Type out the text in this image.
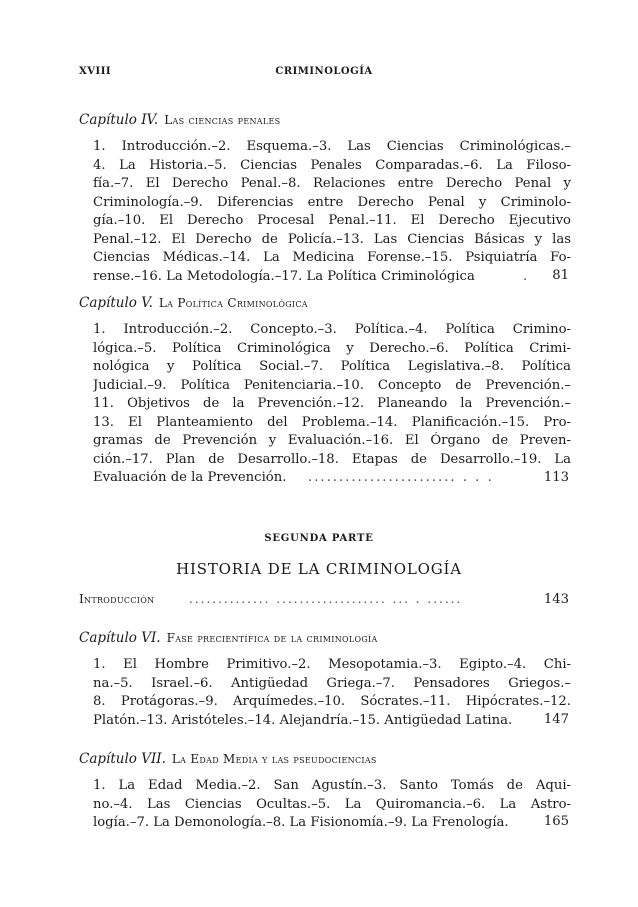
XVIII	CRIMINOLOGÍA
Capítulo IV. Las ciencias penales
1. Introducción.–2. Esquema.–3. Las Ciencias Criminológicas.–
4. La Historia.–5. Ciencias Penales Comparadas.–6. La Filoso-
fía.–7. El Derecho Penal.–8. Relaciones entre Derecho Penal y
Criminología.–9. Diferencias entre Derecho Penal y Criminolo-
gía.–10. El Derecho Procesal Penal.–11. El Derecho Ejecutivo
Penal.–12. El Derecho de Policía.–13. Las Ciencias Básicas y las
Ciencias Médicas.–14. La Medicina Forense.–15. Psiquiatría Fo-
rense.–16. La Metodología.–17. La Política Criminológica	. 81
Capítulo V. La Política Criminológica
1. Introducción.–2. Concepto.–3. Política.–4. Política Crimino-
lógica.–5. Política Criminológica y Derecho.–6. Política Crimi-
nológica y Política Social.–7. Política Legislativa.–8. Política
Judicial.–9. Política Penitenciaria.–10. Concepto de Prevención.–
11. Objetivos de la Prevención.–12. Planeando la Prevención.–
13. El Planteamiento del Problema.–14. Planificación.–15. Pro-
gramas de Prevención y Evaluación.–16. El Órgano de Preven-
ción.–17. Plan de Desarrollo.–18. Etapas de Desarrollo.–19. La
Evaluación de la Prevención. ........................ . . .	113
SEGUNDA PARTE
HISTORIA DE LA CRIMINOLOGÍA
Introducción	.............. ................... ... . ......	143
Capítulo VI. Fase precientífica de la criminología
1. El Hombre Primitivo.–2. Mesopotamia.–3. Egipto.–4. Chi-
na.–5. Israel.–6. Antigüedad Griega.–7. Pensadores Griegos.–
8. Protágoras.–9. Arquímedes.–10. Sócrates.–11. Hipócrates.–12.
Platón.–13. Aristóteles.–14. Alejandría.–15. Antigüedad Latina.	147
Capítulo VII. La Edad Media y las pseudociencias
1. La Edad Media.–2. San Agustín.–3. Santo Tomás de Aqui-
no.–4. Las Ciencias Ocultas.–5. La Quiromancia.–6. La Astro-
logía.–7. La Demonología.–8. La Fisionomía.–9. La Frenología.	165
